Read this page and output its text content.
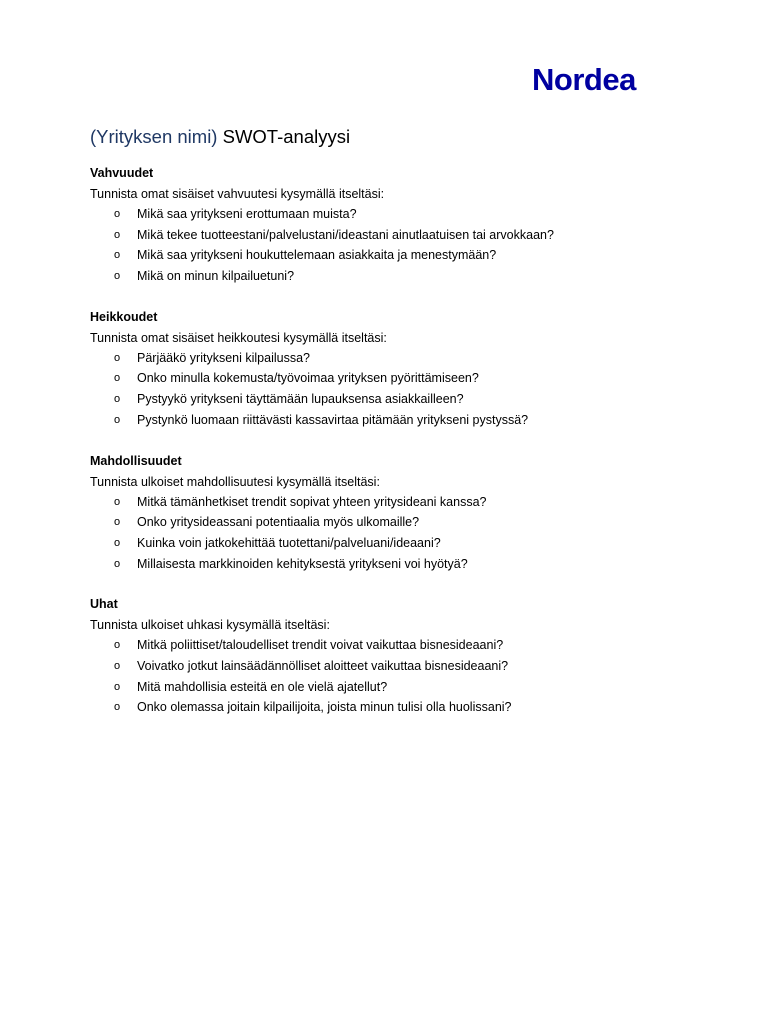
Nordea
(Yrityksen nimi) SWOT-analyysi
Vahvuudet
Tunnista omat sisäiset vahvuutesi kysymällä itseltäsi:
o Mikä saa yritykseni erottumaan muista?
o Mikä tekee tuotteestani/palvelustani/ideastani ainutlaatuisen tai arvokkaan?
o Mikä saa yritykseni houkuttelemaan asiakkaita ja menestymään?
o Mikä on minun kilpailuetuni?
Heikkoudet
Tunnista omat sisäiset heikkoutesi kysymällä itseltäsi:
o Pärjääkö yritykseni kilpailussa?
o Onko minulla kokemusta/työvoimaa yrityksen pyörittämiseen?
o Pystyykö yritykseni täyttämään lupauksensa asiakkailleen?
o Pystynkö luomaan riittävästi kassavirtaa pitämään yritykseni pystyssä?
Mahdollisuudet
Tunnista ulkoiset mahdollisuutesi kysymällä itseltäsi:
o Mitkä tämänhetkiset trendit sopivat yhteen yritysideani kanssa?
o Onko yritysideassani potentiaalia myös ulkomaille?
o Kuinka voin jatkokehittää tuotettani/palveluani/ideaani?
o Millaisesta markkinoiden kehityksestä yritykseni voi hyötyä?
Uhat
Tunnista ulkoiset uhkasi kysymällä itseltäsi:
o Mitkä poliittiset/taloudelliset trendit voivat vaikuttaa bisnesideaani?
o Voivatko jotkut lainsäädännölliset aloitteet vaikuttaa bisnesideaani?
o Mitä mahdollisia esteitä en ole vielä ajatellut?
o Onko olemassa joitain kilpailijoita, joista minun tulisi olla huolissani?
